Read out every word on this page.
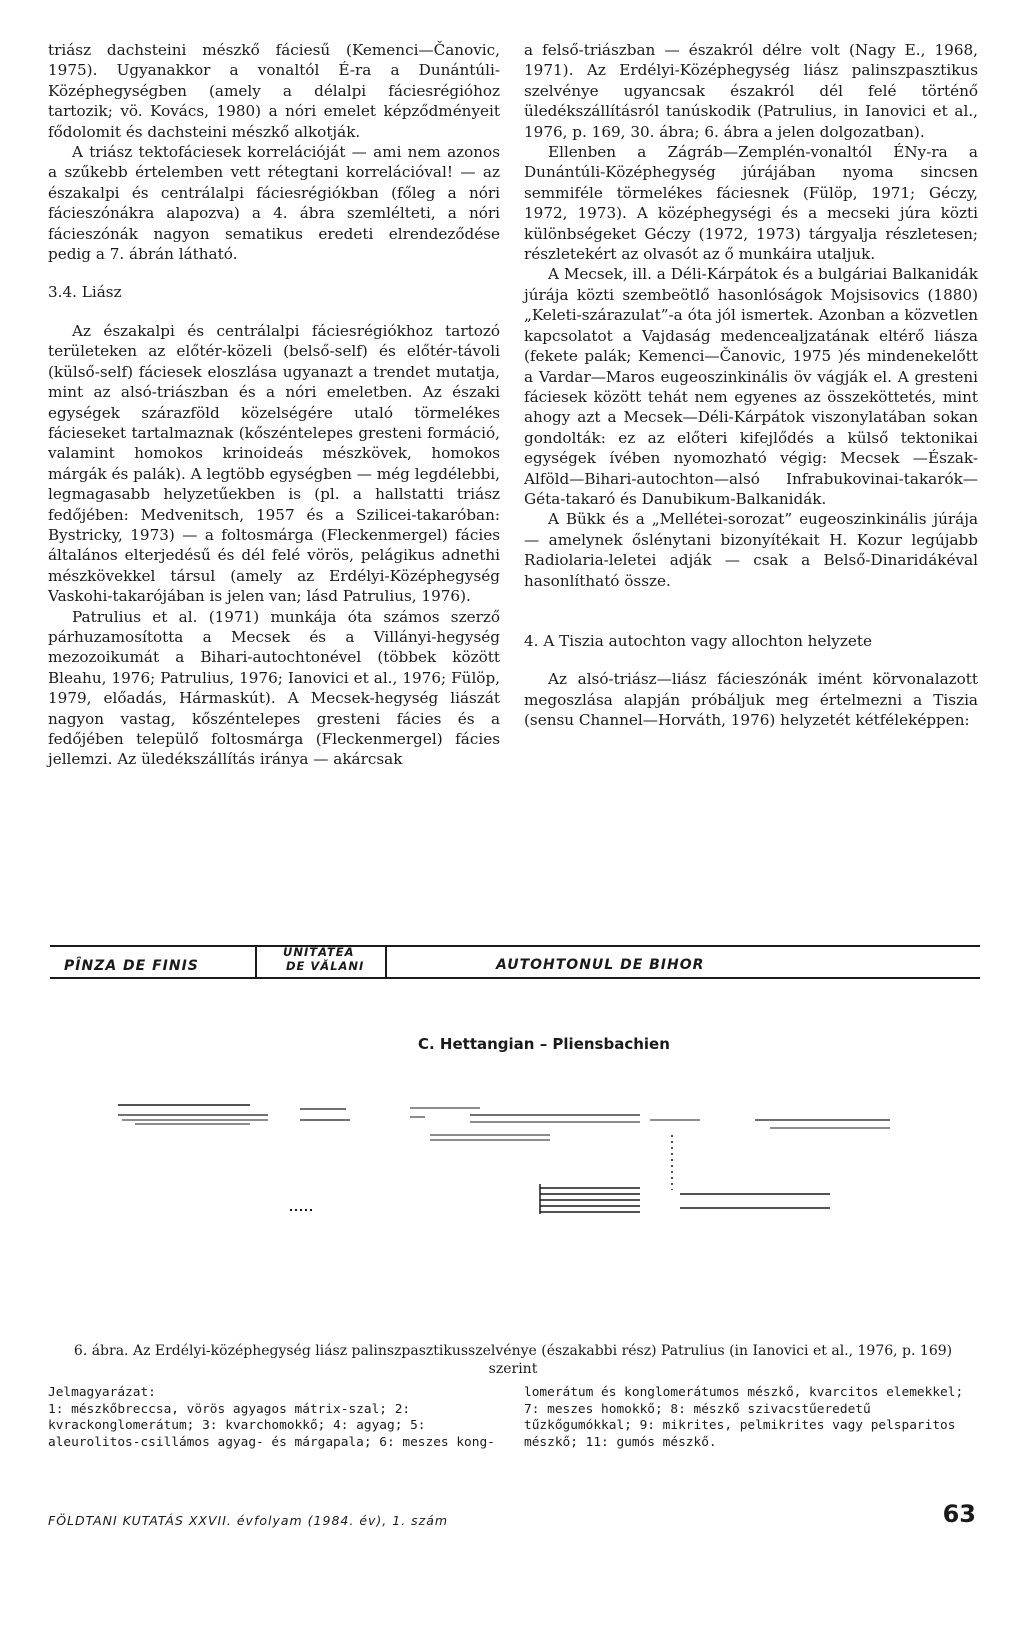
triász dachsteini mészkő fáciesű (Kemenci—Čanovic, 1975). Ugyanakkor a vonaltól É-ra a Dunántúli-Középhegységben (amely a délalpi fáciesrégióhoz tartozik; vö. Kovács, 1980) a nóri emelet képződményeit fődolomit és dachsteini mészkő alkotják.

A triász tektofáciesek korrelációját — ami nem azonos a szűkebb értelemben vett rétegtani korrelációval! — az északalpi és centrálalpi fáciesrégiókban (főleg a nóri fácieszónákra alapozva) a 4. ábra szemlélteti, a nóri fácieszónák nagyon sematikus eredeti elrendeződése pedig a 7. ábrán látható.

3.4. Liász

Az északalpi és centrálalpi fáciesrégiókhoz tartozó területeken az előtér-közeli (belső-self) és előtér-távoli (külső-self) fáciesek eloszlása ugyanazt a trendet mutatja, mint az alsó-triászban és a nóri emeletben. Az északi egységek szárazföld közelségére utaló törmelékes fácieseket tartalmaznak (kőszéntelepes gresteni formáció, valamint homokos krinoideás mészkövek, homokos márgák és palák). A legtöbb egységben — még legdélebbi, legmagasabb helyzetűekben is (pl. a hallstatti triász fedőjében: Medvenitsch, 1957 és a Szilicei-takaróban: Bystricky, 1973) — a foltosmárga (Fleckenmergel) fácies általános elterjedésű és dél felé vörös, pelágikus adnethi mészkövekkel társul (amely az Erdélyi-Középhegység Vaskohi-takarójában is jelen van; lásd Patrulius, 1976).

Patrulius et al. (1971) munkája óta számos szerző párhuzamosította a Mecsek és a Villányi-hegység mezozoikumát a Bihari-autochtonével (többek között Bleahu, 1976; Patrulius, 1976; Ianovici et al., 1976; Fülöp, 1979, előadás, Hármaskút). A Mecsek-hegység liászát nagyon vastag, kőszéntelepes gresteni fácies és a fedőjében települő foltosmárga (Fleckenmergel) fácies jellemzi. Az üledékszállítás iránya — akárcsak

a felső-triászban — északról délre volt (Nagy E., 1968, 1971). Az Erdélyi-Középhegység liász palinszpasztikus szelvénye ugyancsak északról dél felé történő üledékszállításról tanúskodik (Patrulius, in Ianovici et al., 1976, p. 169, 30. ábra; 6. ábra a jelen dolgozatban).

Ellenben a Zágráb—Zemplén-vonaltól ÉNy-ra a Dunántúli-Középhegység júrájában nyoma sincsen semmiféle törmelékes fáciesnek (Fülöp, 1971; Géczy, 1972, 1973). A középhegységi és a mecseki júra közti különbségeket Géczy (1972, 1973) tárgyalja részletesen; részletekért az olvasót az ő munkáira utaljuk.

A Mecsek, ill. a Déli-Kárpátok és a bulgáriai Balkanidák júrája közti szembeötlő hasonlóságok Mojsisovics (1880) „Keleti-szárazulat”-a óta jól ismertek. Azonban a közvetlen kapcsolatot a Vajdaság medencealjzatának eltérő liásza (fekete palák; Kemenci—Čanovic, 1975 )és mindenekelőtt a Vardar—Maros eugeoszinkinális öv vágják el. A gresteni fáciesek között tehát nem egyenes az összeköttetés, mint ahogy azt a Mecsek—Déli-Kárpátok viszonylatában sokan gondolták: ez az előteri kifejlődés a külső tektonikai egységek ívében nyomozható végig: Mecsek —Észak-Alföld—Bihari-autochton—alsó Infrabukovinai-takarók—Géta-takaró és Danubikum-Balkanidák.

A Bükk és a „Mellétei-sorozat” eugeoszinkinális júrája — amelynek őslénytani bizonyítékait H. Kozur legújabb Radiolaria-leletei adják — csak a Belső-Dinaridákéval hasonlítható össze.

4. A Tiszia autochton vagy allochton helyzete

Az alsó-triász—liász fácieszónák imént körvonalazott megoszlása alapján próbáljuk meg értelmezni a Tiszia (sensu Channel—Horváth, 1976) helyzetét kétféleképpen:

PÎNZA DE FINIS
UNITĂTEA
DE VĂLANI	AUTOHTONUL DE BIHOR
C. Hettangian – Pliensbachien
6. ábra. Az Erdélyi-középhegység liász palinszpasztikusszelvénye (északabbi rész) Patrulius (in Ianovici et al., 1976, p. 169) szerint
Jelmagyarázat:
1: mészkőbreccsa, vörös agyagos mátrix-szal; 2: kvrackonglomerátum; 3: kvarchomokkő; 4: agyag; 5: aleurolitos-csillámos agyag- és márgapala; 6: meszes kong-
lomerátum és konglomerátumos mészkő, kvarcitos elemekkel; 7: meszes homokkő; 8: mészkő szivacstűeredetű tűzkőgumókkal; 9: mikrites, pelmikrites vagy pelsparitos mészkő; 11: gumós mészkő.
FÖLDTANI KUTATÁS XXVII. évfolyam (1984. év), 1. szám	63
